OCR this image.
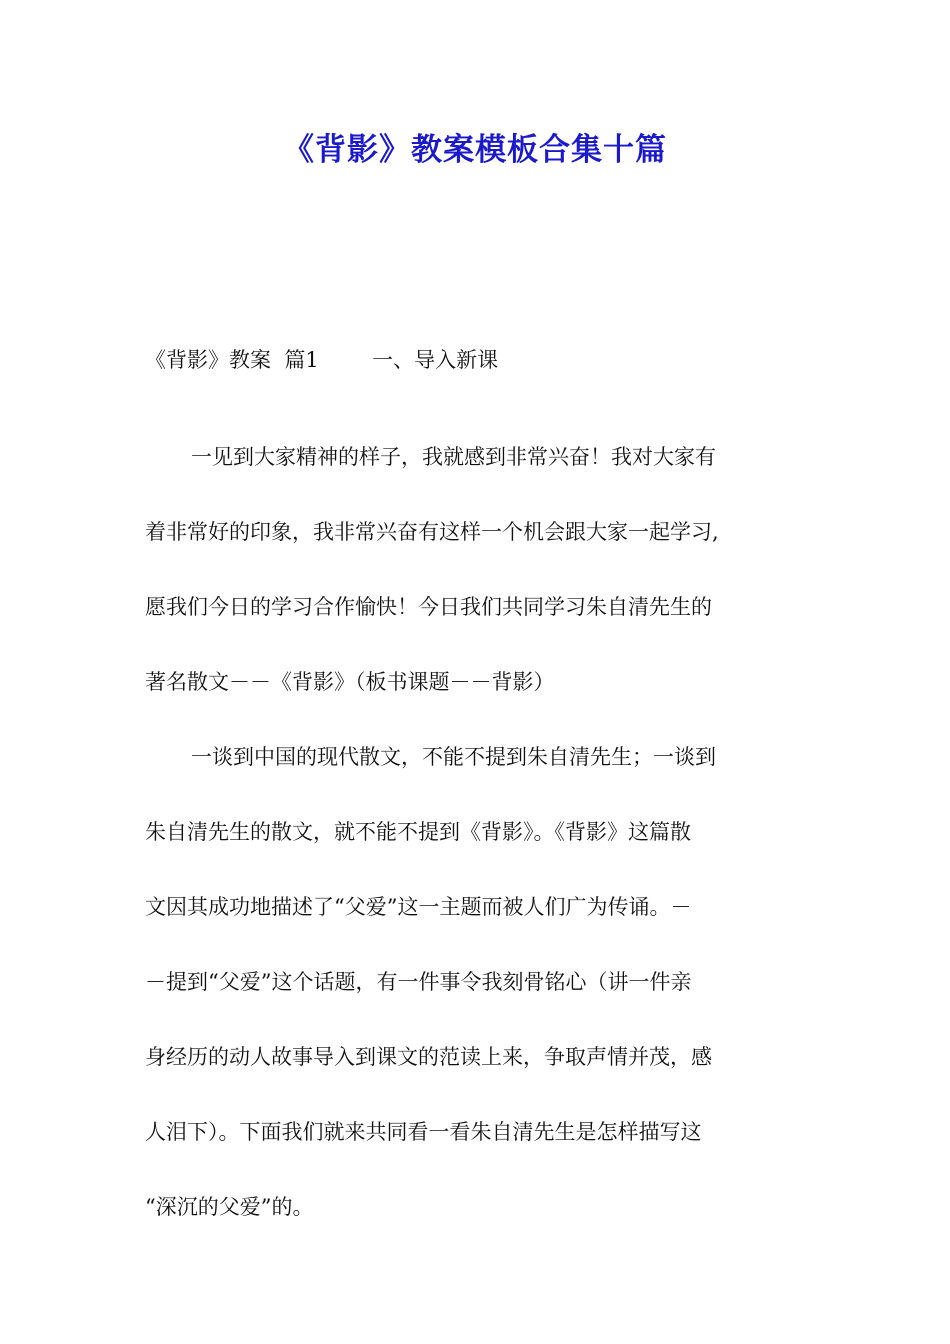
《背影》教案模板合集十篇
《背影》教案  篇1        一、导入新课

一见到大家精神的样子，我就感到非常兴奋！我对大家有

着非常好的印象，我非常兴奋有这样一个机会跟大家一起学习,

愿我们今日的学习合作愉快！今日我们共同学习朱自清先生的

著名散文－－《背影》（板书课题－－背影）

一谈到中国的现代散文，不能不提到朱自清先生；一谈到

朱自清先生的散文，就不能不提到《背影》。《背影》这篇散

文因其成功地描述了“父爱”这一主题而被人们广为传诵。－

－提到“父爱”这个话题，有一件事令我刻骨铭心（讲一件亲

身经历的动人故事导入到课文的范读上来，争取声情并茂，感

人泪下）。下面我们就来共同看一看朱自清先生是怎样描写这

“深沉的父爱”的。
